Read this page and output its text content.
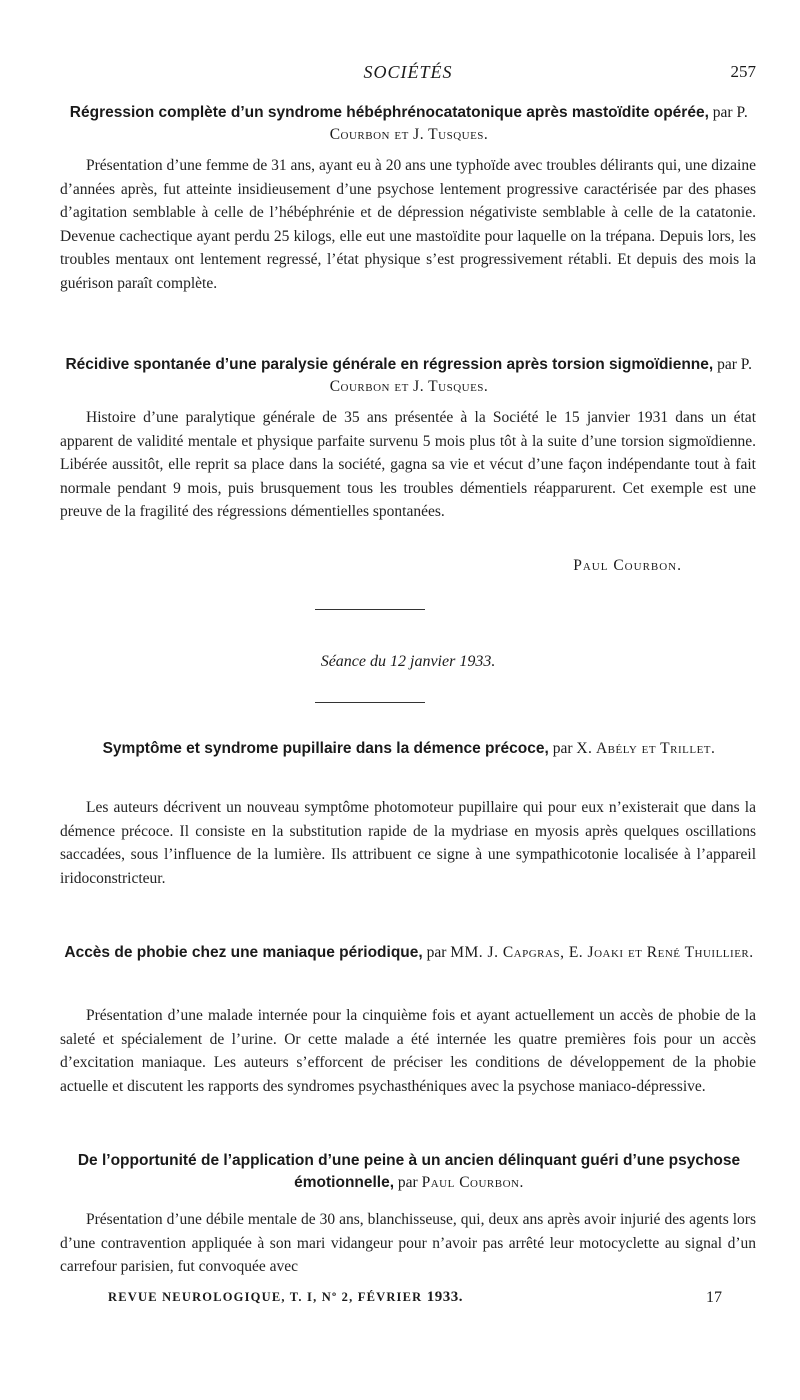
SOCIÉTÉS	257
Régression complète d’un syndrome hébéphrénocatatonique après mastoïdite opérée, par P. Courbon et J. Tusques.

Présentation d’une femme de 31 ans, ayant eu à 20 ans une typhoïde avec troubles délirants qui, une dizaine d’années après, fut atteinte insidieusement d’une psychose lentement progressive caractérisée par des phases d’agitation semblable à celle de l’hébéphrénie et de dépression négativiste semblable à celle de la catatonie. Devenue cachectique ayant perdu 25 kilogs, elle eut une mastoïdite pour laquelle on la trépana. Depuis lors, les troubles mentaux ont lentement regressé, l’état physique s’est progressivement rétabli. Et depuis des mois la guérison paraît complète.

Récidive spontanée d’une paralysie générale en régression après torsion sigmoïdienne, par P. Courbon et J. Tusques.

Histoire d’une paralytique générale de 35 ans présentée à la Société le 15 janvier 1931 dans un état apparent de validité mentale et physique parfaite survenu 5 mois plus tôt à la suite d’une torsion sigmoïdienne. Libérée aussitôt, elle reprit sa place dans la société, gagna sa vie et vécut d’une façon indépendante tout à fait normale pendant 9 mois, puis brusquement tous les troubles démentiels réapparurent. Cet exemple est une preuve de la fragilité des régressions démentielles spontanées.

Paul Courbon.
Séance du 12 janvier 1933.
Symptôme et syndrome pupillaire dans la démence précoce, par X. Abély et Trillet.

Les auteurs décrivent un nouveau symptôme photomoteur pupillaire qui pour eux n’existerait que dans la démence précoce. Il consiste en la substitution rapide de la mydriase en myosis après quelques oscillations saccadées, sous l’influence de la lumière. Ils attribuent ce signe à une sympathicotonie localisée à l’appareil iridoconstricteur.

Accès de phobie chez une maniaque périodique, par MM. J. Capgras, E. Joaki et René Thuillier.

Présentation d’une malade internée pour la cinquième fois et ayant actuellement un accès de phobie de la saleté et spécialement de l’urine. Or cette malade a été internée les quatre premières fois pour un accès d’excitation maniaque. Les auteurs s’efforcent de préciser les conditions de développement de la phobie actuelle et discutent les rapports des syndromes psychasthéniques avec la psychose maniaco-dépressive.

De l’opportunité de l’application d’une peine à un ancien délinquant guéri d’une psychose émotionnelle, par Paul Courbon.

Présentation d’une débile mentale de 30 ans, blanchisseuse, qui, deux ans après avoir injurié des agents lors d’une contravention appliquée à son mari vidangeur pour n’avoir pas arrêté leur motocyclette au signal d’un carrefour parisien, fut convoquée avec

REVUE NEUROLOGIQUE, T. I, Nº 2, FÉVRIER 1933.	17
